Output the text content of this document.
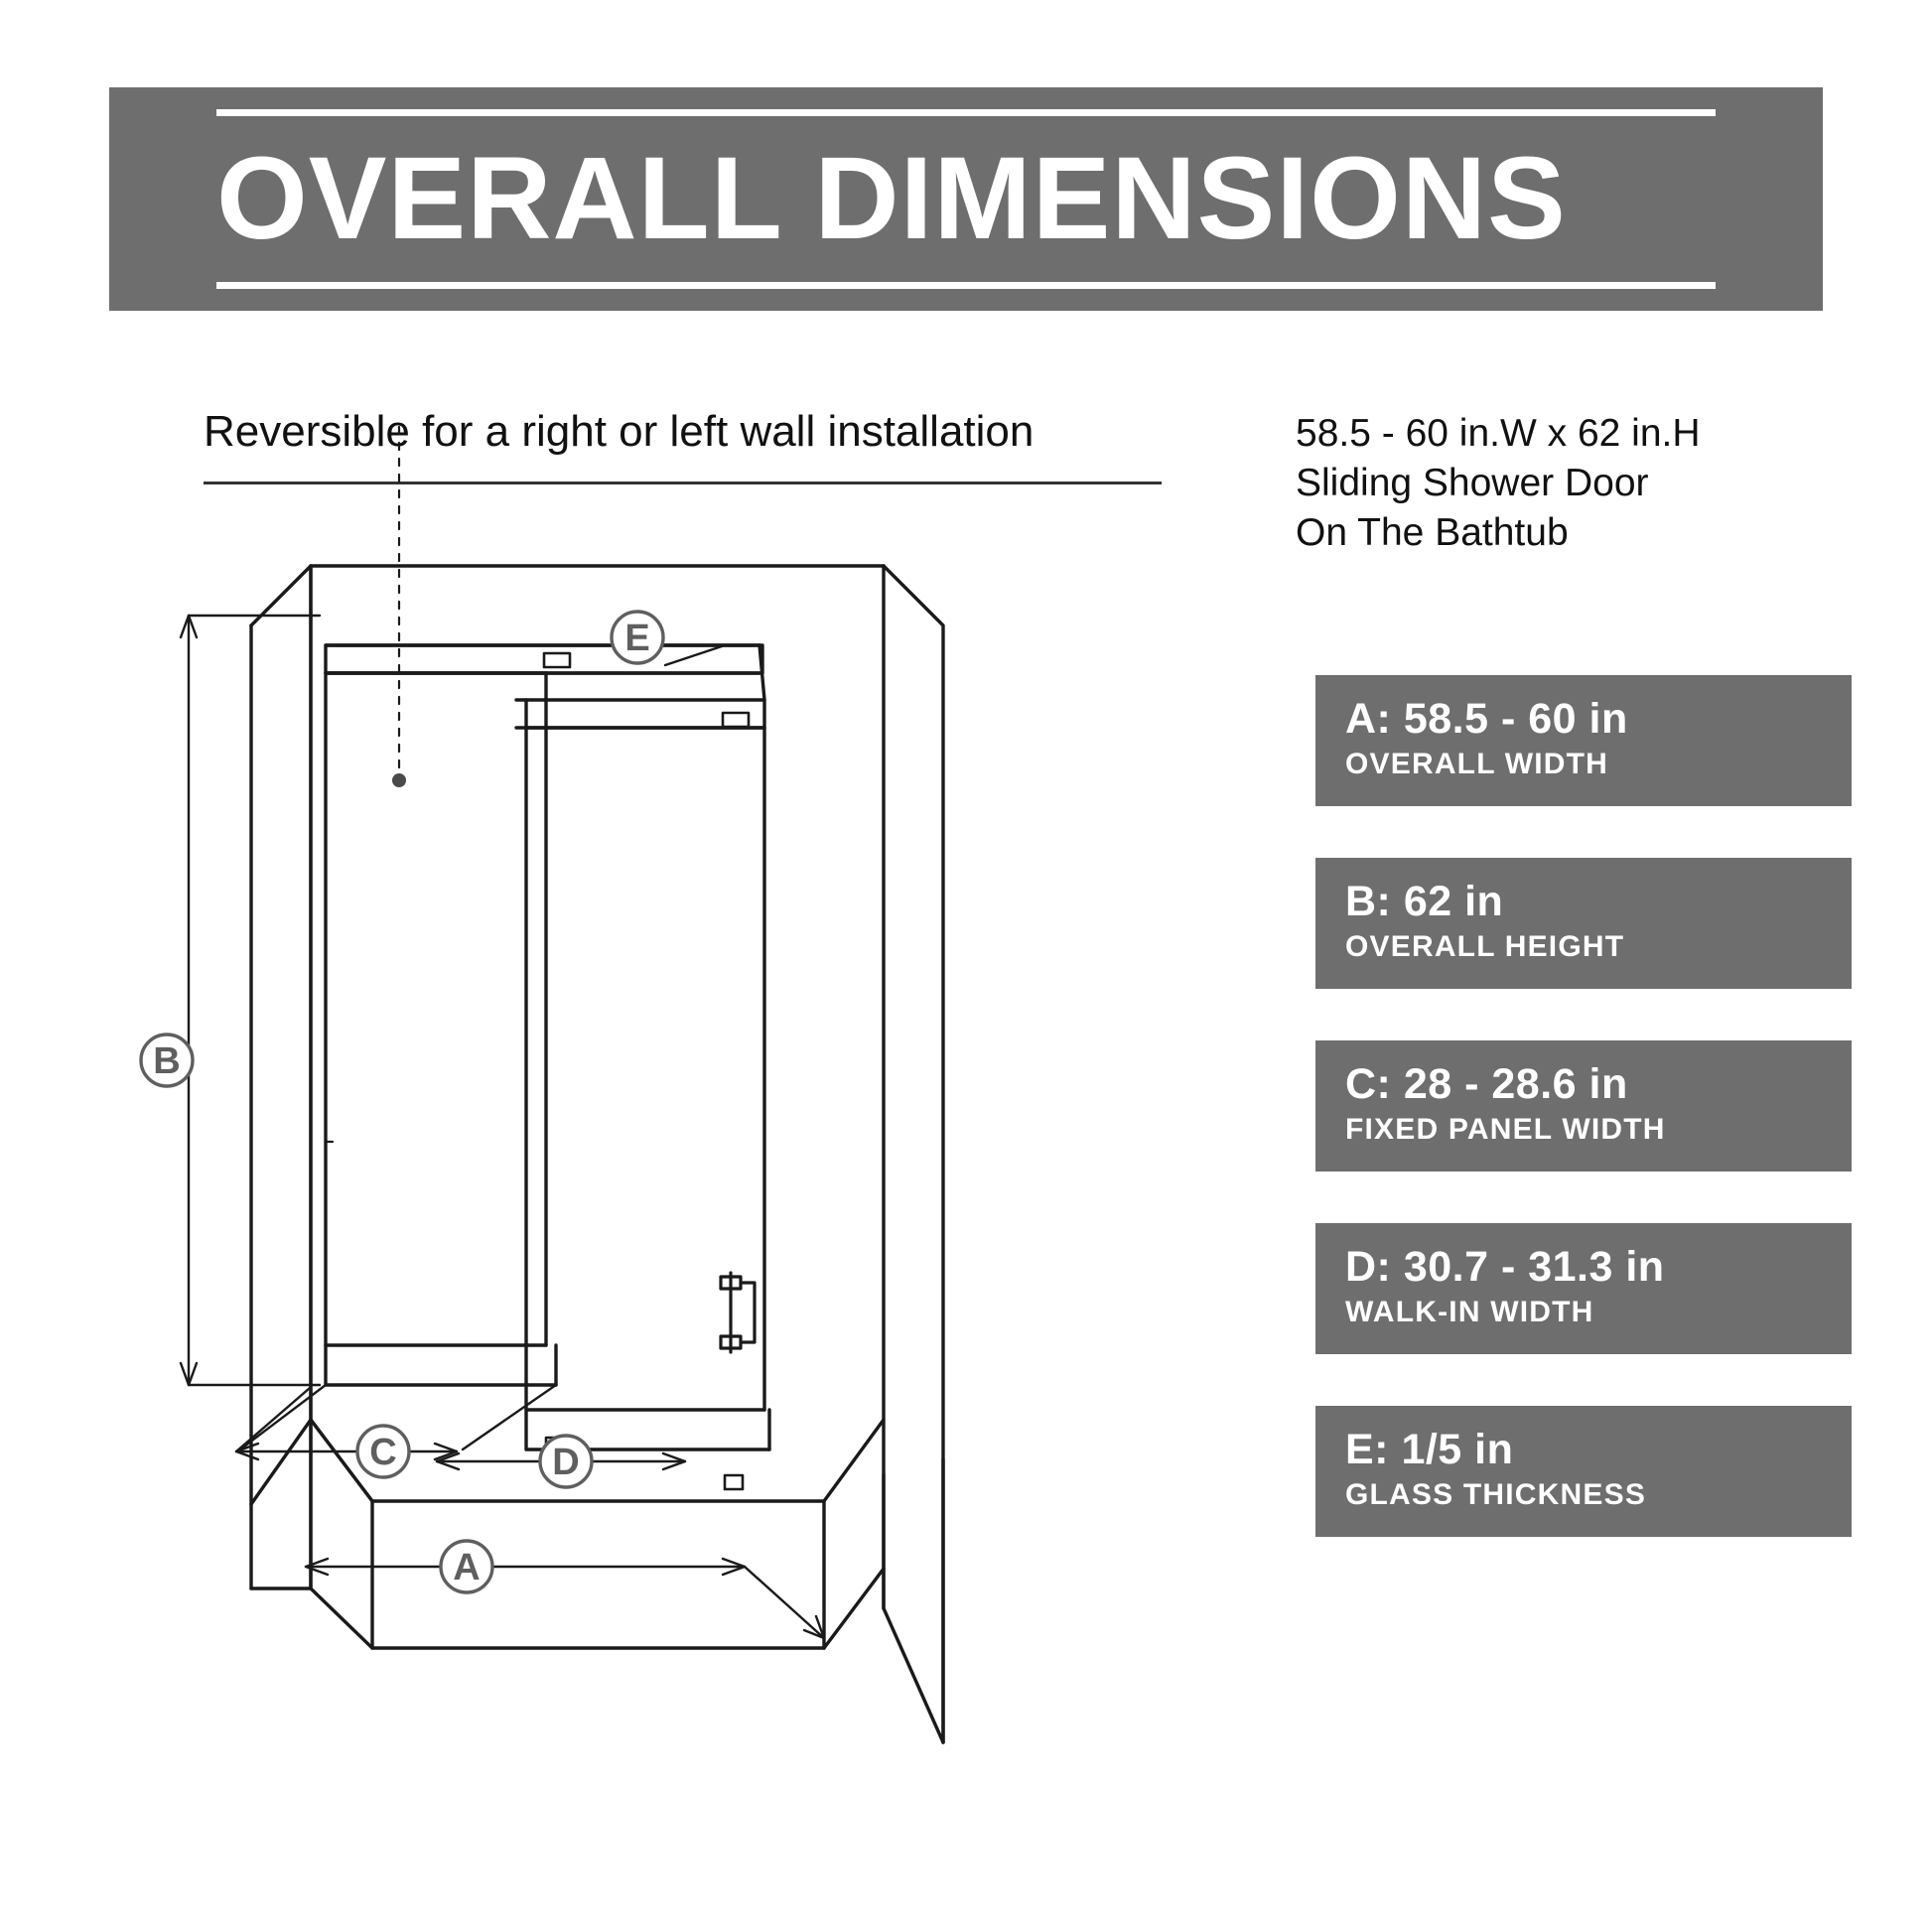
OVERALL DIMENSIONS
Reversible for a right or left wall installation	58.5 - 60 in.W x 62 in.H
Sliding Shower Door
On The Bathtub
A: 58.5 - 60 in
OVERALL WIDTH
B: 62 in
OVERALL HEIGHT
C: 28 - 28.6 in
FIXED PANEL WIDTH
D: 30.7 - 31.3 in
WALK-IN WIDTH
E: 1/5 in
GLASS THICKNESS
B
C	D
A
E
